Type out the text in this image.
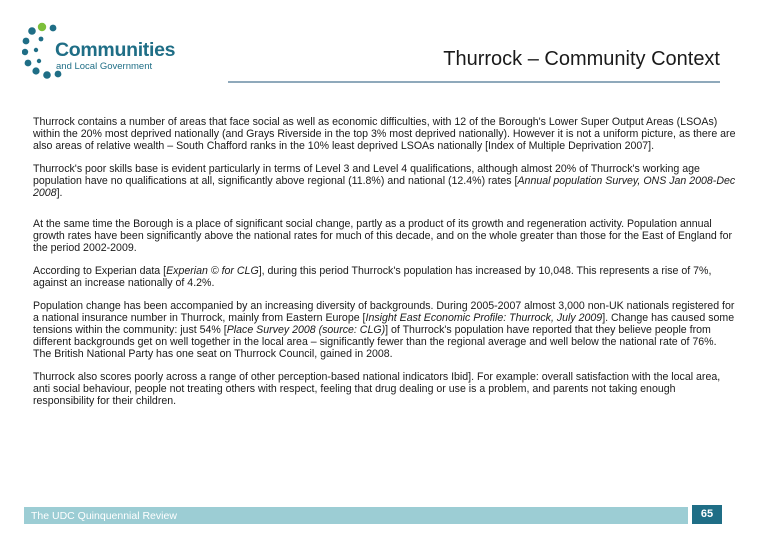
Communities
and Local Government	Thurrock – Community Context

Thurrock contains a number of areas that face social as well as economic difficulties, with 12 of the Borough's Lower Super Output Areas (LSOAs) within the 20% most deprived nationally (and Grays Riverside in the top 3% most deprived nationally). However it is not a uniform picture, as there are also areas of relative wealth – South Chafford ranks in the 10% least deprived LSOAs nationally [Index of Multiple Deprivation 2007].

Thurrock's poor skills base is evident particularly in terms of Level 3 and Level 4 qualifications, although almost 20% of Thurrock's working age population have no qualifications at all, significantly above regional (11.8%) and national (12.4%) rates [Annual population Survey, ONS Jan 2008-Dec 2008].

At the same time the Borough is a place of significant social change, partly as a product of its growth and regeneration activity. Population annual growth rates have been significantly above the national rates for much of this decade, and on the whole greater than those for the East of England for the period 2002-2009.

According to Experian data [Experian © for CLG], during this period Thurrock's population has increased by 10,048. This represents a rise of 7%, against an increase nationally of 4.2%.

Population change has been accompanied by an increasing diversity of backgrounds. During 2005-2007 almost 3,000 non-UK nationals registered for a national insurance number in Thurrock, mainly from Eastern Europe [Insight East Economic Profile: Thurrock, July 2009]. Change has caused some tensions within the community: just 54% [Place Survey 2008 (source: CLG)] of Thurrock's population have reported that they believe people from different backgrounds get on well together in the local area – significantly fewer than the regional average and well below the national rate of 76%. The British National Party has one seat on Thurrock Council, gained in 2008.

Thurrock also scores poorly across a range of other perception-based national indicators Ibid]. For example: overall satisfaction with the local area, anti social behaviour, people not treating others with respect, feeling that drug dealing or use is a problem, and parents not taking enough responsibility for their children.

The UDC Quinquennial Review	65
